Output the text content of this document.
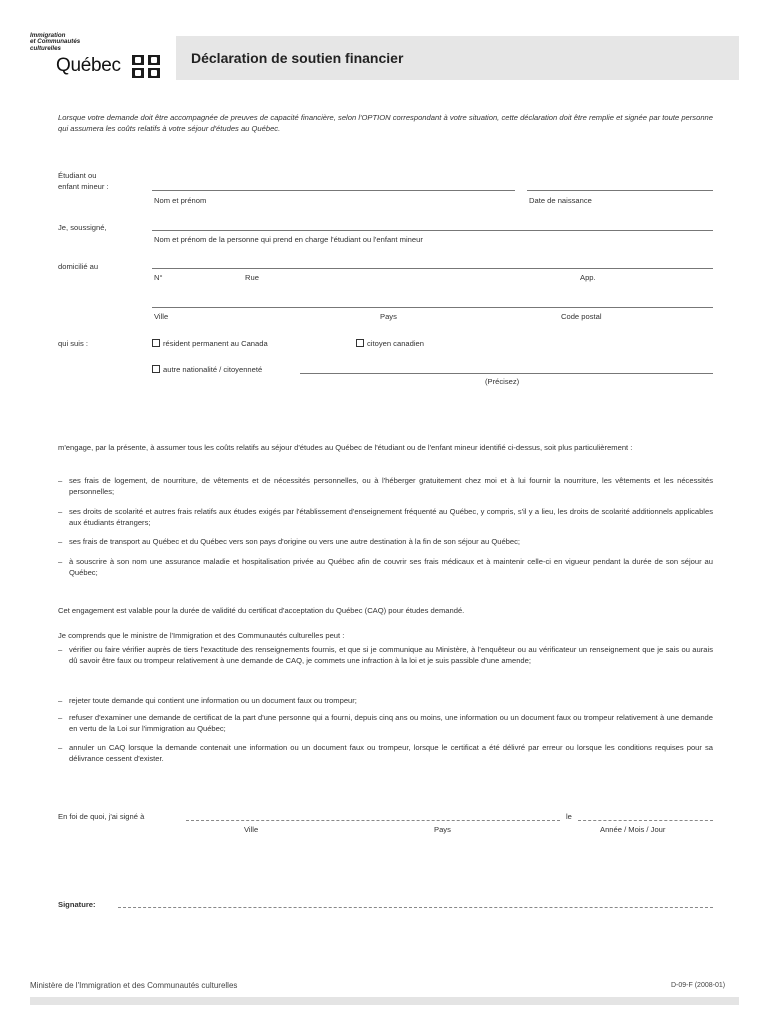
Immigration
et Communautés
culturelles
Québec	Déclaration de soutien financier
Lorsque votre demande doit être accompagnée de preuves de capacité financière, selon l'OPTION correspondant à votre situation, cette déclaration doit être remplie et signée par toute personne qui assumera les coûts relatifs à votre séjour d'études au Québec.
Étudiant ou
enfant mineur :
Nom et prénom	Date de naissance
Je, soussigné,
Nom et prénom de la personne qui prend en charge l'étudiant ou l'enfant mineur
domicilié au
N°	Rue	App.
Ville	Pays	Code postal
qui suis :	résident permanent au Canada	citoyen canadien
autre nationalité / citoyenneté
(Précisez)
m'engage, par la présente, à assumer tous les coûts relatifs au séjour d'études au Québec de l'étudiant ou de l'enfant mineur identifié ci-dessus, soit plus particulièrement :
– ses frais de logement, de nourriture, de vêtements et de nécessités personnelles, ou à l'héberger gratuitement chez moi et à lui fournir la nourriture, les vêtements et les nécessités personnelles;
– ses droits de scolarité et autres frais relatifs aux études exigés par l'établissement d'enseignement fréquenté au Québec, y compris, s'il y a lieu, les droits de scolarité additionnels applicables aux étudiants étrangers;
– ses frais de transport au Québec et du Québec vers son pays d'origine ou vers une autre destination à la fin de son séjour au Québec;
– à souscrire à son nom une assurance maladie et hospitalisation privée au Québec afin de couvrir ses frais médicaux et à maintenir celle-ci en vigueur pendant la durée de son séjour au Québec;
Cet engagement est valable pour la durée de validité du certificat d'acceptation du Québec (CAQ) pour études demandé.
Je comprends que le ministre de l'Immigration et des Communautés culturelles peut :
– vérifier ou faire vérifier auprès de tiers l'exactitude des renseignements fournis, et que si je communique au Ministère, à l'enquêteur ou au vérificateur un renseignement que je sais ou aurais dû savoir être faux ou trompeur relativement à une demande de CAQ, je commets une infraction à la loi et je suis passible d'une amende;
– rejeter toute demande qui contient une information ou un document faux ou trompeur;
– refuser d'examiner une demande de certificat de la part d'une personne qui a fourni, depuis cinq ans ou moins, une information ou un document faux ou trompeur relativement à une demande en vertu de la Loi sur l'immigration au Québec;
– annuler un CAQ lorsque la demande contenait une information ou un document faux ou trompeur, lorsque le certificat a été délivré par erreur ou lorsque les conditions requises pour sa délivrance cessent d'exister.
En foi de quoi, j'ai signé à	le
Ville	Pays	Année / Mois / Jour
Signature:
Ministère de l'Immigration et des Communautés culturelles	D-09-F (2008-01)
